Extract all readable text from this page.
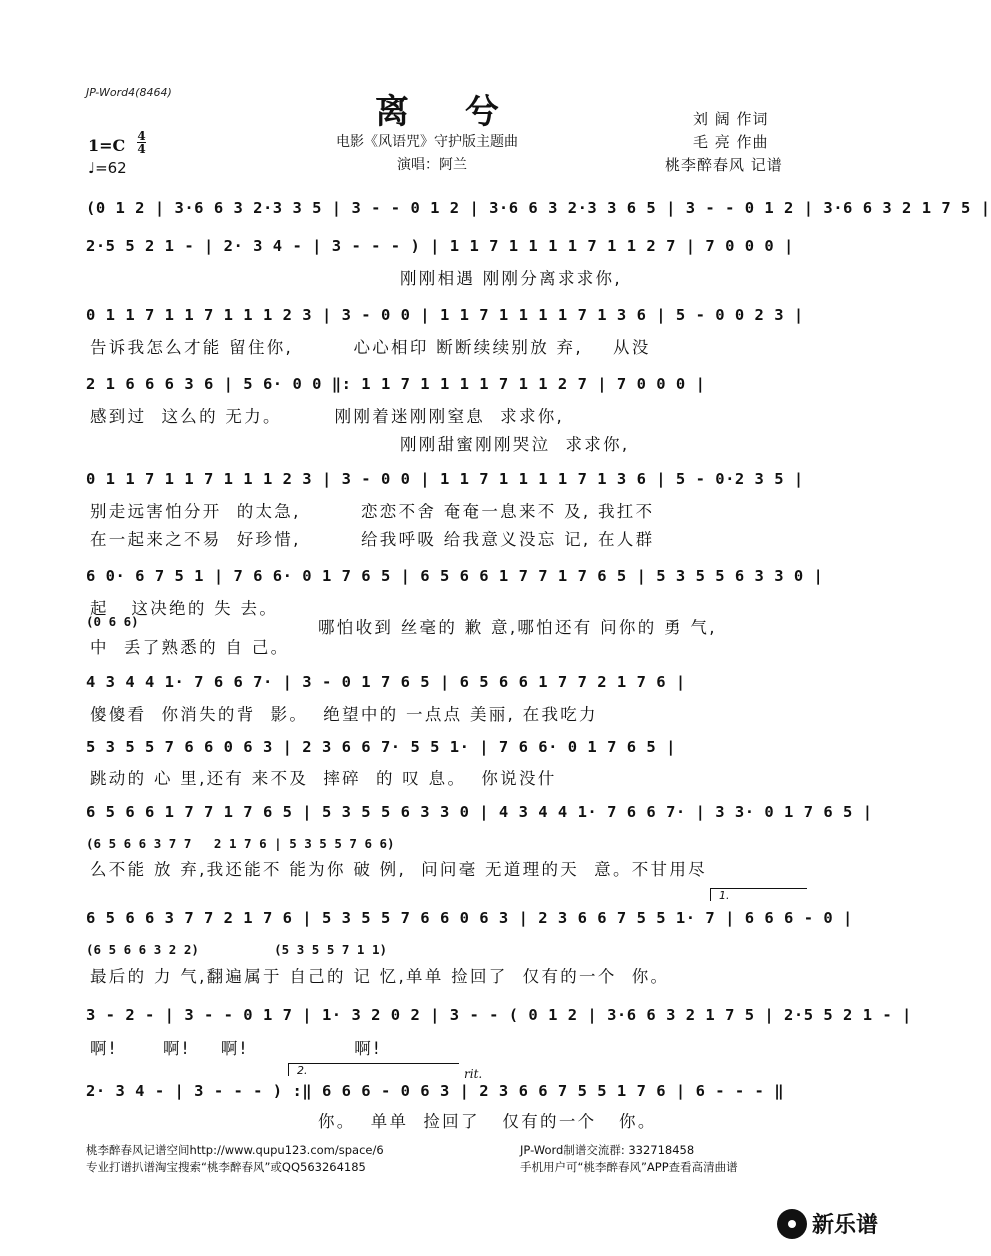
JP-Word4(8464)	离 兮
电影《风语咒》守护版主题曲
演唱：阿兰
刘 阔 作词
毛 亮 作曲
桃李醉春风 记谱
1=C 4
4
♩=62
(0 1 2 | 3·6 6 3 2·3 3 5 | 3 - - 0 1 2 | 3·6 6 3 2·3 3 6 5 | 3 - - 0 1 2 | 3·6 6 3 2 1 7 5 |
2·5 5 2 1 - | 2· 3 4 - | 3 - - - ) | 1 1 7 1 1 1 1 7 1 1 2 7 | 7 0 0 0 |
0 1 1 7 1 1 7 1 1 1 2 3 | 3 - 0 0 | 1 1 7 1 1 1 1 7 1 3 6 | 5 - 0 0 2 3 |
2 1 6 6 6 3 6 | 5 6· 0 0 ‖: 1 1 7 1 1 1 1 7 1 1 2 7 | 7 0 0 0 |
0 1 1 7 1 1 7 1 1 1 2 3 | 3 - 0 0 | 1 1 7 1 1 1 1 7 1 3 6 | 5 - 0·2 3 5 |
6 0· 6 7 5 1 | 7 6 6· 0 1 7 6 5 | 6 5 6 6 1 7 7 1 7 6 5 | 5 3 5 5 6 3 3 0 |
4 3 4 4 1· 7 6 6 7· | 3 - 0 1 7 6 5 | 6 5 6 6 1 7 7 2 1 7 6 |
5 3 5 5 7 6 6 0 6 3 | 2 3 6 6 7· 5 5 1· | 7 6 6· 0 1 7 6 5 |
6 5 6 6 1 7 7 1 7 6 5 | 5 3 5 5 6 3 3 0 | 4 3 4 4 1· 7 6 6 7· | 3 3· 0 1 7 6 5 |
6 5 6 6 3 7 7 2 1 7 6 | 5 3 5 5 7 6 6 0 6 3 | 2 3 6 6 7 5 5 1· 7 | 6 6 6 - 0 |
3 - 2 - | 3 - - 0 1 7 | 1· 3 2 0 2 | 3 - - ( 0 1 2 | 3·6 6 3 2 1 7 5 | 2·5 5 2 1 - |
2· 3 4 - | 3 - - - ) :‖ 6 6 6 - 0 6 3 | 2 3 6 6 7 5 5 1 7 6 | 6 - - - ‖
(0 6 6)
(6 5 6 6 3 7 7   2 1 7 6 | 5 3 5 5 7 6 6)
(6 5 6 6 3 2 2)          (5 3 5 5 7 1 1)
刚刚相遇 刚刚分离求求你,
告诉我怎么才能 留住你,        心心相印 断断续续别放 弃,    从没
感到过  这么的 无力。       刚刚着迷刚刚窒息  求求你,
刚刚甜蜜刚刚哭泣  求求你,
别走远害怕分开  的太急,        恋恋不舍 奄奄一息来不 及, 我扛不
在一起来之不易  好珍惜,        给我呼吸 给我意义没忘 记, 在人群
起   这决绝的 失 去。
哪怕收到 丝毫的 歉 意,哪怕还有 问你的 勇 气,
中  丢了熟悉的 自 己。
傻傻看  你消失的背  影。  绝望中的 一点点 美丽, 在我吃力
跳动的 心 里,还有 来不及  摔碎  的 叹 息。  你说没什
么不能 放 弃,我还能不 能为你 破 例,  问问毫 无道理的天  意。不甘用尽
最后的 力 气,翻遍属于 自己的 记 忆,单单 捡回了  仅有的一个  你。
啊!      啊!    啊!              啊!
你。  单单  捡回了   仅有的一个   你。
1.
2.	rit.
桃李醉春风记谱空间http://www.qupu123.com/space/6
专业打谱扒谱淘宝搜索“桃李醉春风”或QQ563264185
JP-Word制谱交流群: 332718458
手机用户可“桃李醉春风”APP查看高清曲谱
新乐谱
